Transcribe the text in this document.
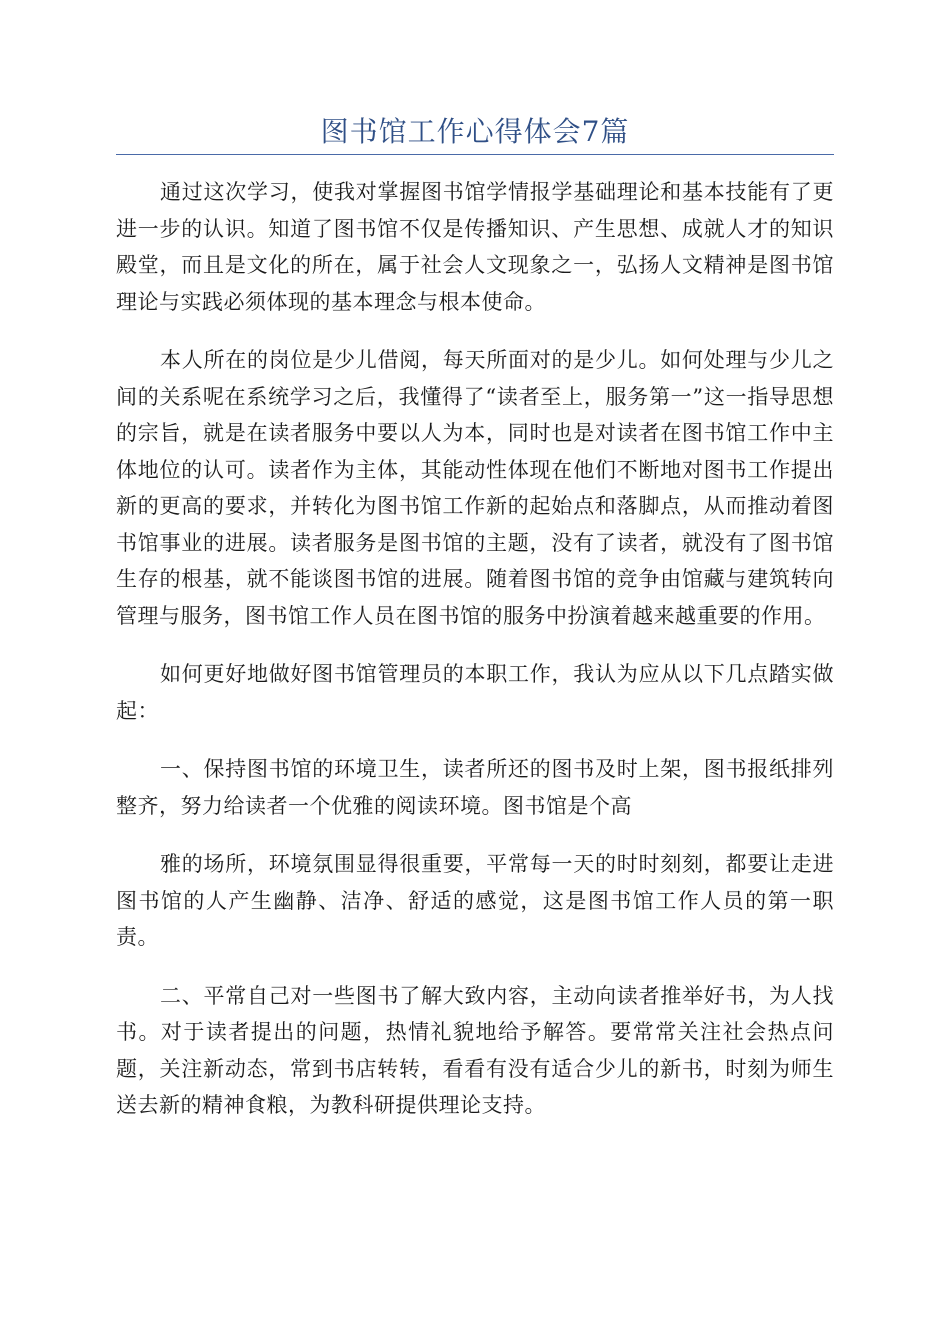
图书馆工作心得体会7篇

通过这次学习，使我对掌握图书馆学情报学基础理论和基本技能有了更进一步的认识。知道了图书馆不仅是传播知识、产生思想、成就人才的知识殿堂，而且是文化的所在，属于社会人文现象之一，弘扬人文精神是图书馆理论与实践必须体现的基本理念与根本使命。

本人所在的岗位是少儿借阅，每天所面对的是少儿。如何处理与少儿之间的关系呢在系统学习之后，我懂得了“读者至上，服务第一”这一指导思想的宗旨，就是在读者服务中要以人为本，同时也是对读者在图书馆工作中主体地位的认可。读者作为主体，其能动性体现在他们不断地对图书工作提出新的更高的要求，并转化为图书馆工作新的起始点和落脚点，从而推动着图书馆事业的进展。读者服务是图书馆的主题，没有了读者，就没有了图书馆生存的根基，就不能谈图书馆的进展。随着图书馆的竞争由馆藏与建筑转向管理与服务，图书馆工作人员在图书馆的服务中扮演着越来越重要的作用。

如何更好地做好图书馆管理员的本职工作，我认为应从以下几点踏实做起：

一、保持图书馆的环境卫生，读者所还的图书及时上架，图书报纸排列整齐，努力给读者一个优雅的阅读环境。图书馆是个高

雅的场所，环境氛围显得很重要，平常每一天的时时刻刻，都要让走进图书馆的人产生幽静、洁净、舒适的感觉，这是图书馆工作人员的第一职责。

二、平常自己对一些图书了解大致内容，主动向读者推举好书，为人找书。对于读者提出的问题，热情礼貌地给予解答。要常常关注社会热点问题，关注新动态，常到书店转转，看看有没有适合少儿的新书，时刻为师生送去新的精神食粮，为教科研提供理论支持。
